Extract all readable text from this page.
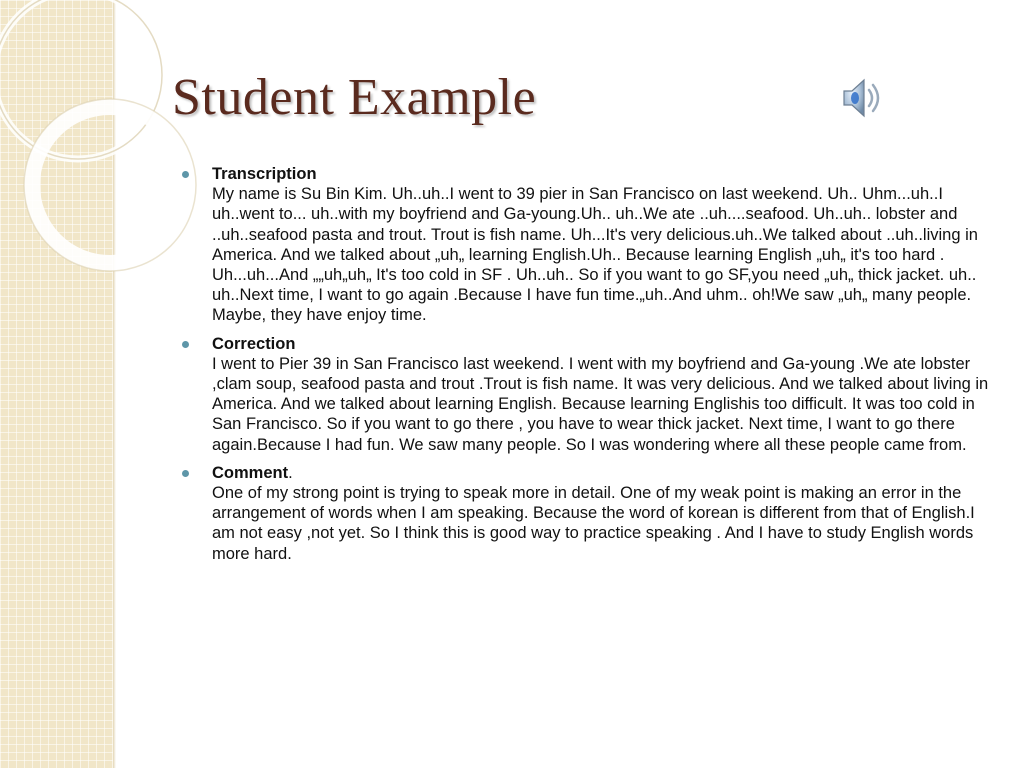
Student Example
Transcription
My name is Su Bin Kim. Uh..uh..I went to 39 pier in San Francisco on last weekend. Uh.. Uhm...uh..I uh..went to... uh..with my boyfriend and Ga-young.Uh.. uh..We ate ..uh....seafood. Uh..uh.. lobster and ..uh..seafood pasta and trout. Trout is fish name. Uh...It's very delicious.uh..We talked about ..uh..living in America. And we talked about „uh„ learning English.Uh.. Because learning English „uh„ it's too hard . Uh...uh...And „„uh„uh„ It's too cold in SF . Uh..uh.. So if you want to go SF,you need „uh„ thick jacket. uh.. uh..Next time, I want to go again .Because I have fun time.„uh..And uhm.. oh!We saw „uh„ many people. Maybe, they have enjoy time.
Correction
I went to Pier 39 in San Francisco last weekend. I went with my boyfriend and Ga-young .We ate lobster ,clam soup, seafood pasta and trout .Trout is fish name. It was very delicious. And we talked about living in America. And we talked about learning English. Because learning Englishis too difficult. It was too cold in San Francisco. So if you want to go there , you have to wear thick jacket. Next time, I want to go there again.Because I had fun. We saw many people. So I was wondering where all these people came from.
Comment.
One of my strong point is trying to speak more in detail. One of my weak point is making an error in the arrangement of words when I am speaking. Because the word of korean is different from that of English.I am not easy ,not yet. So I think this is good way to practice speaking . And I have to study English words more hard.
